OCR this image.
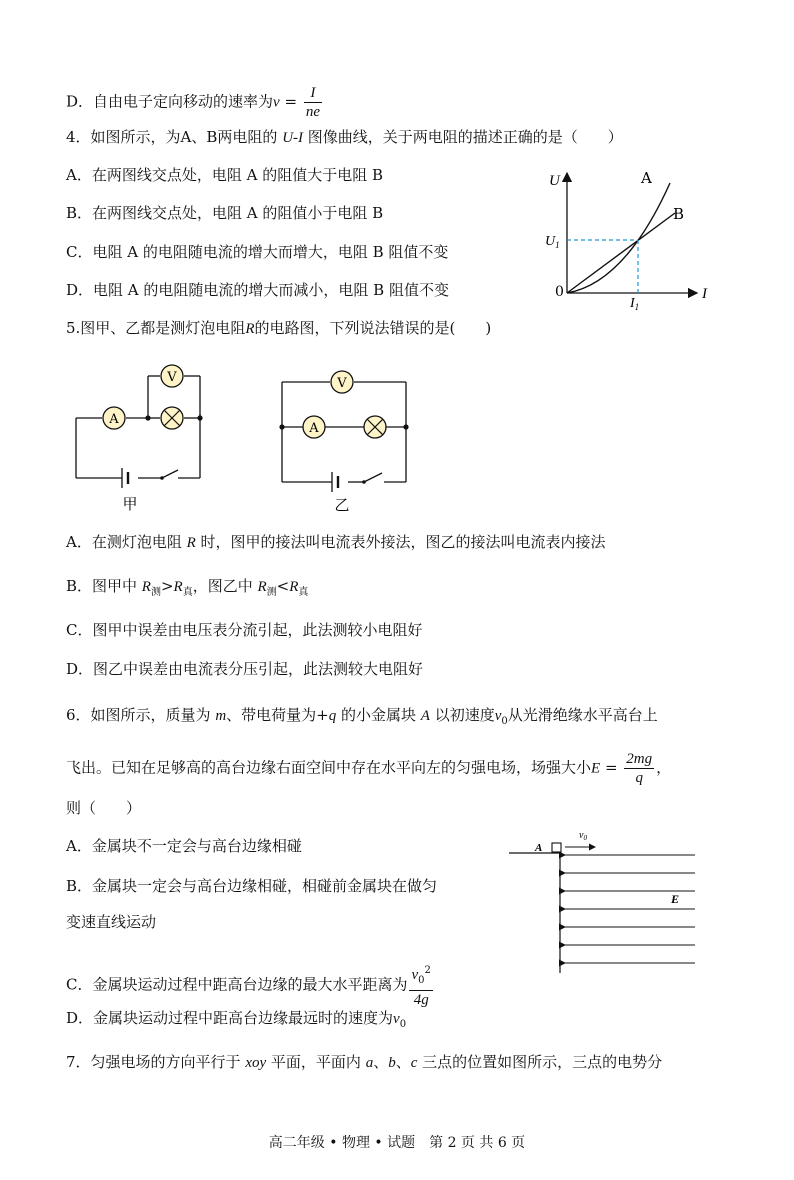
D．自由电子定向移动的速率为$v = \frac{I}{ne}$
4．如图所示，为A、B两电阻的 U-I 图像曲线，关于两电阻的描述正确的是（　　）
A．在两图线交点处，电阻 A 的阻值大于电阻 B
B．在两图线交点处，电阻 A 的阻值小于电阻 B
C．电阻 A 的电阻随电流的增大而增大，电阻 B 阻值不变
D．电阻 A 的电阻随电流的增大而减小，电阻 B 阻值不变
U
I
0
A
B
$U_1$
$I_1$
5.图甲、乙都是测灯泡电阻R的电路图，下列说法错误的是(　　)
A
V
甲
V
A
乙
A．在测灯泡电阻 R 时，图甲的接法叫电流表外接法，图乙的接法叫电流表内接法
B．图甲中 $R_测>R_真$，图乙中 $R_测<R_真$
C．图甲中误差由电压表分流引起，此法测较小电阻好
D．图乙中误差由电流表分压引起，此法测较大电阻好
6．如图所示，质量为 m、带电荷量为+q 的小金属块 A 以初速度$v_0$从光滑绝缘水平高台上
飞出。已知在足够高的高台边缘右面空间中存在水平向左的匀强电场，场强大小$E = \frac{2mg}{q}$ ，
则（　　）
A．金属块不一定会与高台边缘相碰
B．金属块一定会与高台边缘相碰，相碰前金属块在做匀
变速直线运动
C．金属块运动过程中距高台边缘的最大水平距离为 $\frac{v_0^2}{4g}$
D．金属块运动过程中距高台边缘最远时的速度为$v_0$
A
$v_0$
E
7．匀强电场的方向平行于 xoy 平面，平面内 a、b、c 三点的位置如图所示，三点的电势分
高二年级 • 物理 • 试题　第 2 页 共 6 页
